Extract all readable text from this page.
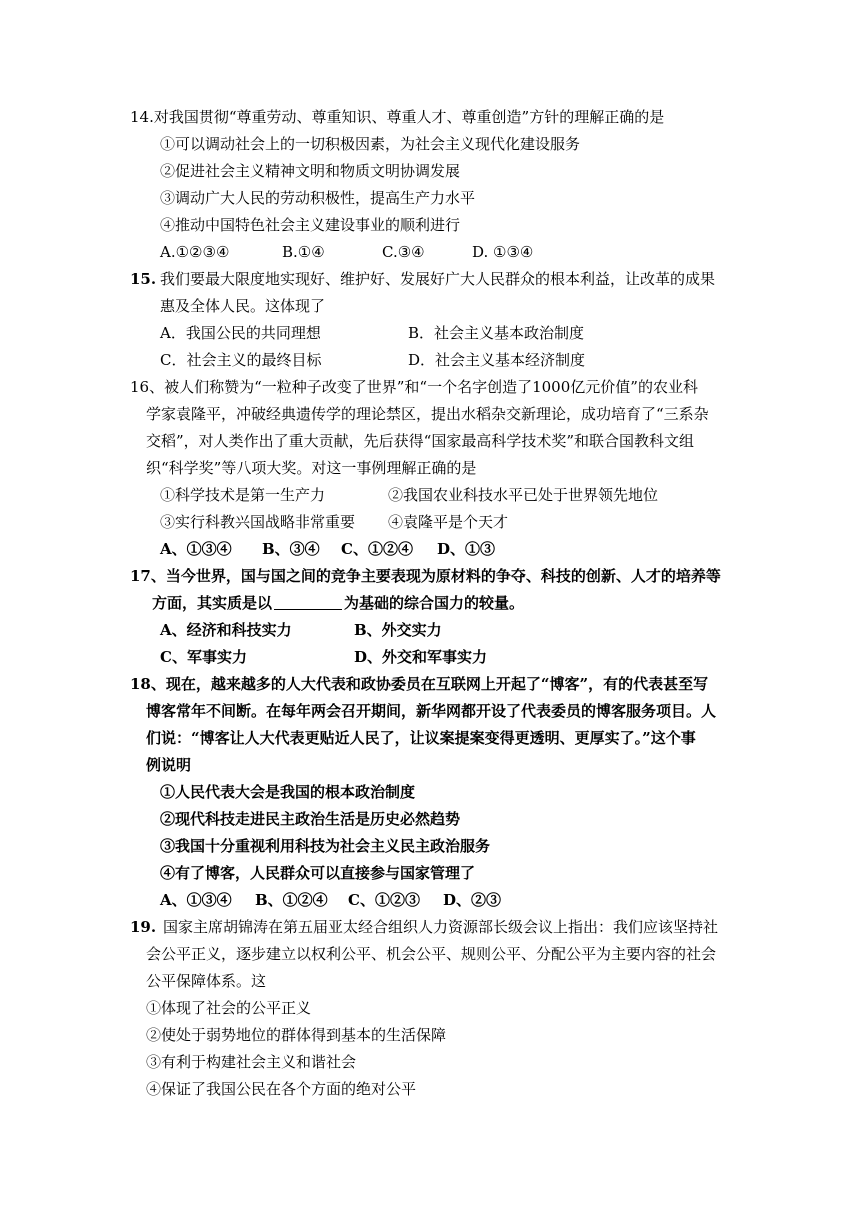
14.对我国贯彻“尊重劳动、尊重知识、尊重人才、尊重创造”方针的理解正确的是
①可以调动社会上的一切积极因素，为社会主义现代化建设服务
②促进社会主义精神文明和物质文明协调发展
③调动广大人民的劳动积极性，提高生产力水平
④推动中国特色社会主义建设事业的顺利进行
A.①②③④	B.①④	C.③④	D. ①③④
15. 我们要最大限度地实现好、维护好、发展好广大人民群众的根本利益，让改革的成果
惠及全体人民。这体现了
A．我国公民的共同理想	B．社会主义基本政治制度
C．社会主义的最终目标	D．社会主义基本经济制度
16、被人们称赞为“一粒种子改变了世界”和“一个名字创造了1000亿元价值”的农业科
学家袁隆平，冲破经典遗传学的理论禁区，提出水稻杂交新理论，成功培育了“三系杂
交稻”，对人类作出了重大贡献，先后获得“国家最高科学技术奖”和联合国教科文组
织“科学奖”等八项大奖。对这一事例理解正确的是
①科学技术是第一生产力	②我国农业科技水平已处于世界领先地位
③实行科教兴国战略非常重要 ④袁隆平是个天才
A、①③④ B、③④ C、①②④ D、①③
17、当今世界，国与国之间的竞争主要表现为原材料的争夺、科技的创新、人才的培养等
方面，其实质是以	为基础的综合国力的较量。
A、经济和科技实力	B、外交实力
C、军事实力	D、外交和军事实力
18、现在，越来越多的人大代表和政协委员在互联网上开起了“博客”，有的代表甚至写
博客常年不间断。在每年两会召开期间，新华网都开设了代表委员的博客服务项目。人
们说：“博客让人大代表更贴近人民了，让议案提案变得更透明、更厚实了。”这个事
例说明
①人民代表大会是我国的根本政治制度
②现代科技走进民主政治生活是历史必然趋势
③我国十分重视利用科技为社会主义民主政治服务
④有了博客，人民群众可以直接参与国家管理了
A、①③④ B、①②④ C、①②③ D、②③
19. 国家主席胡锦涛在第五届亚太经合组织人力资源部长级会议上指出：我们应该坚持社
会公平正义，逐步建立以权利公平、机会公平、规则公平、分配公平为主要内容的社会
公平保障体系。这
①体现了社会的公平正义
②使处于弱势地位的群体得到基本的生活保障
③有利于构建社会主义和谐社会
④保证了我国公民在各个方面的绝对公平
